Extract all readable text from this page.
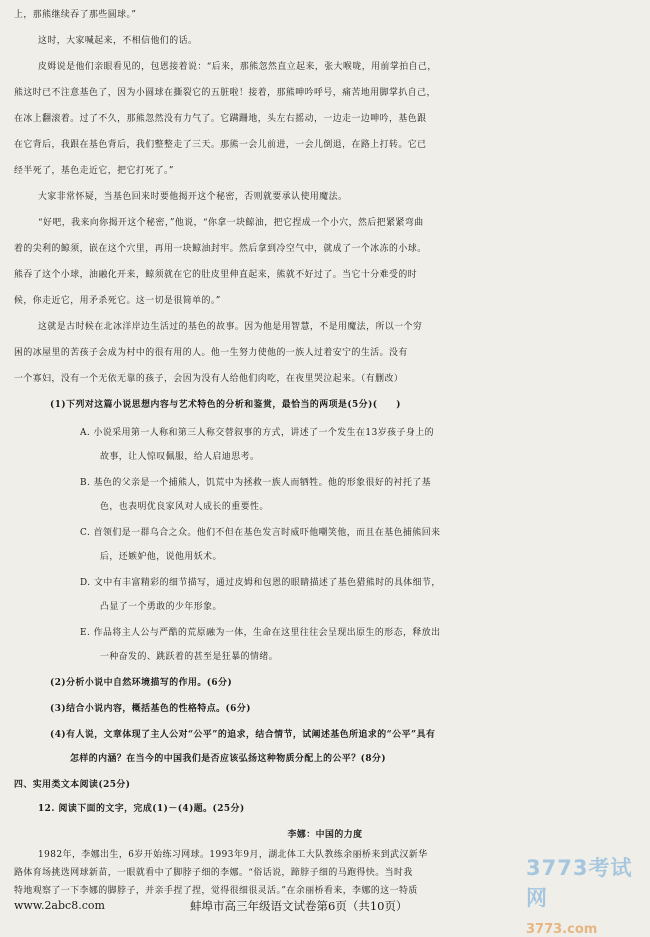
上，那熊继续吞了那些圆球。”
这时，大家喊起来，不相信他们的话。
皮姆说是他们亲眼看见的，包恩接着说：“后来，那熊忽然直立起来，张大喉咙，用前掌拍自己，
熊这时已不注意基色了，因为小圆球在撕裂它的五脏啦！接着，那熊呻吟呼号，痛苦地用脚掌扒自己，
在冰上翻滚着。过了不久，那熊忽然没有力气了。它蹒跚地，头左右摇动，一边走一边呻吟，基色跟
在它背后，我跟在基色背后，我们整整走了三天。那熊一会儿前进，一会儿倒退，在路上打转。它已
经半死了，基色走近它，把它打死了。”
大家非常怀疑，当基色回来时要他揭开这个秘密，否则就要承认使用魔法。
“好吧，我来向你揭开这个秘密，”他说，“你拿一块鲸油，把它捏成一个小穴，然后把紧紧弯曲
着的尖利的鲸须，嵌在这个穴里，再用一块鲸油封牢。然后拿到冷空气中，就成了一个冰冻的小球。
熊吞了这个小球，油融化开来，鲸须就在它的肚皮里伸直起来，熊就不好过了。当它十分难受的时
候，你走近它，用矛杀死它。这一切是很简单的。”
这就是古时候在北冰洋岸边生活过的基色的故事。因为他是用智慧，不是用魔法，所以一个穷
困的冰屋里的苦孩子会成为村中的很有用的人。他一生努力使他的一族人过着安宁的生活。没有
一个寡妇，没有一个无依无靠的孩子，会因为没有人给他们肉吃，在夜里哭泣起来。（有删改）
(1)下列对这篇小说思想内容与艺术特色的分析和鉴赏，最恰当的两项是(5分)(　　)
A. 小说采用第一人称和第三人称交替叙事的方式，讲述了一个发生在13岁孩子身上的
故事，让人惊叹佩服，给人启迪思考。
B. 基色的父亲是一个捕熊人，饥荒中为拯救一族人而牺牲。他的形象很好的衬托了基
色，也表明优良家风对人成长的重要性。
C. 首领们是一群乌合之众。他们不但在基色发言时威吓他嘲笑他，而且在基色捕熊回来
后，还嫉妒他，说他用妖术。
D. 文中有丰富精彩的细节描写，通过皮姆和包恩的眼睛描述了基色猎熊时的具体细节，
凸显了一个勇敢的少年形象。
E. 作品将主人公与严酷的荒原融为一体，生命在这里往往会呈现出原生的形态，释放出
一种奋发的、跳跃着的甚至是狂暴的情绪。
(2)分析小说中自然环境描写的作用。(6分)
(3)结合小说内容，概括基色的性格特点。(6分)
(4)有人说，文章体现了主人公对“公平”的追求，结合情节，试阐述基色所追求的“公平”具有
怎样的内涵？在当今的中国我们是否应该弘扬这种物质分配上的公平？(8分)
四、实用类文本阅读(25分)
12. 阅读下面的文字，完成(1)－(4)题。(25分)
李娜：中国的力度
1982年，李娜出生，6岁开始练习网球。1993年9月，湖北体工大队教练余丽桥来到武汉新华
路体育场挑选网球新苗，一眼就看中了脚脖子细的李娜。“俗话说，蹄脖子细的马跑得快。当时我
特地观察了一下李娜的脚脖子，并亲手捏了捏，觉得很细很灵活。”在余丽桥看来，李娜的这一特质
www.2abc8.com	蚌埠市高三年级语文试卷第6页（共10页）
3773考试网
3773.com
